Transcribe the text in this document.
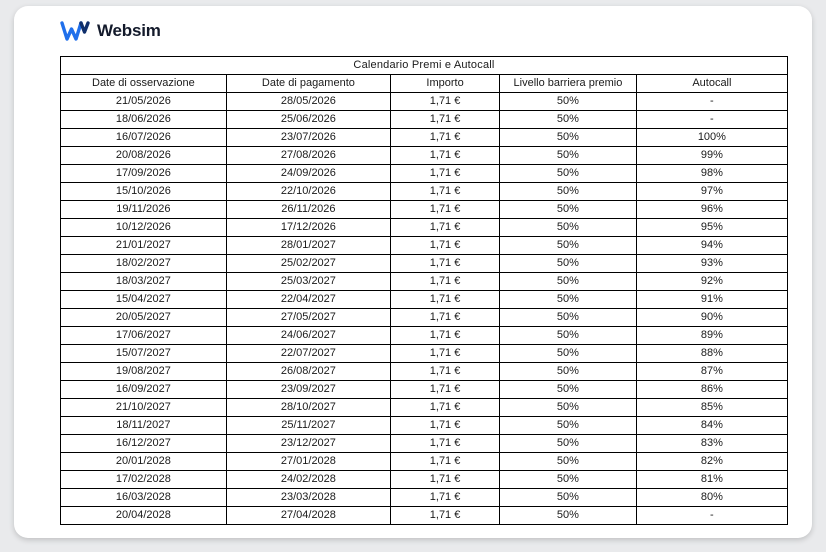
Websim
Calendario Premi e Autocall				
Date di osservazione	Date di pagamento	Importo	Livello barriera premio	Autocall
21/05/2026	28/05/2026	1,71 €	50%	-
18/06/2026	25/06/2026	1,71 €	50%	-
16/07/2026	23/07/2026	1,71 €	50%	100%
20/08/2026	27/08/2026	1,71 €	50%	99%
17/09/2026	24/09/2026	1,71 €	50%	98%
15/10/2026	22/10/2026	1,71 €	50%	97%
19/11/2026	26/11/2026	1,71 €	50%	96%
10/12/2026	17/12/2026	1,71 €	50%	95%
21/01/2027	28/01/2027	1,71 €	50%	94%
18/02/2027	25/02/2027	1,71 €	50%	93%
18/03/2027	25/03/2027	1,71 €	50%	92%
15/04/2027	22/04/2027	1,71 €	50%	91%
20/05/2027	27/05/2027	1,71 €	50%	90%
17/06/2027	24/06/2027	1,71 €	50%	89%
15/07/2027	22/07/2027	1,71 €	50%	88%
19/08/2027	26/08/2027	1,71 €	50%	87%
16/09/2027	23/09/2027	1,71 €	50%	86%
21/10/2027	28/10/2027	1,71 €	50%	85%
18/11/2027	25/11/2027	1,71 €	50%	84%
16/12/2027	23/12/2027	1,71 €	50%	83%
20/01/2028	27/01/2028	1,71 €	50%	82%
17/02/2028	24/02/2028	1,71 €	50%	81%
16/03/2028	23/03/2028	1,71 €	50%	80%
20/04/2028	27/04/2028	1,71 €	50%	-
